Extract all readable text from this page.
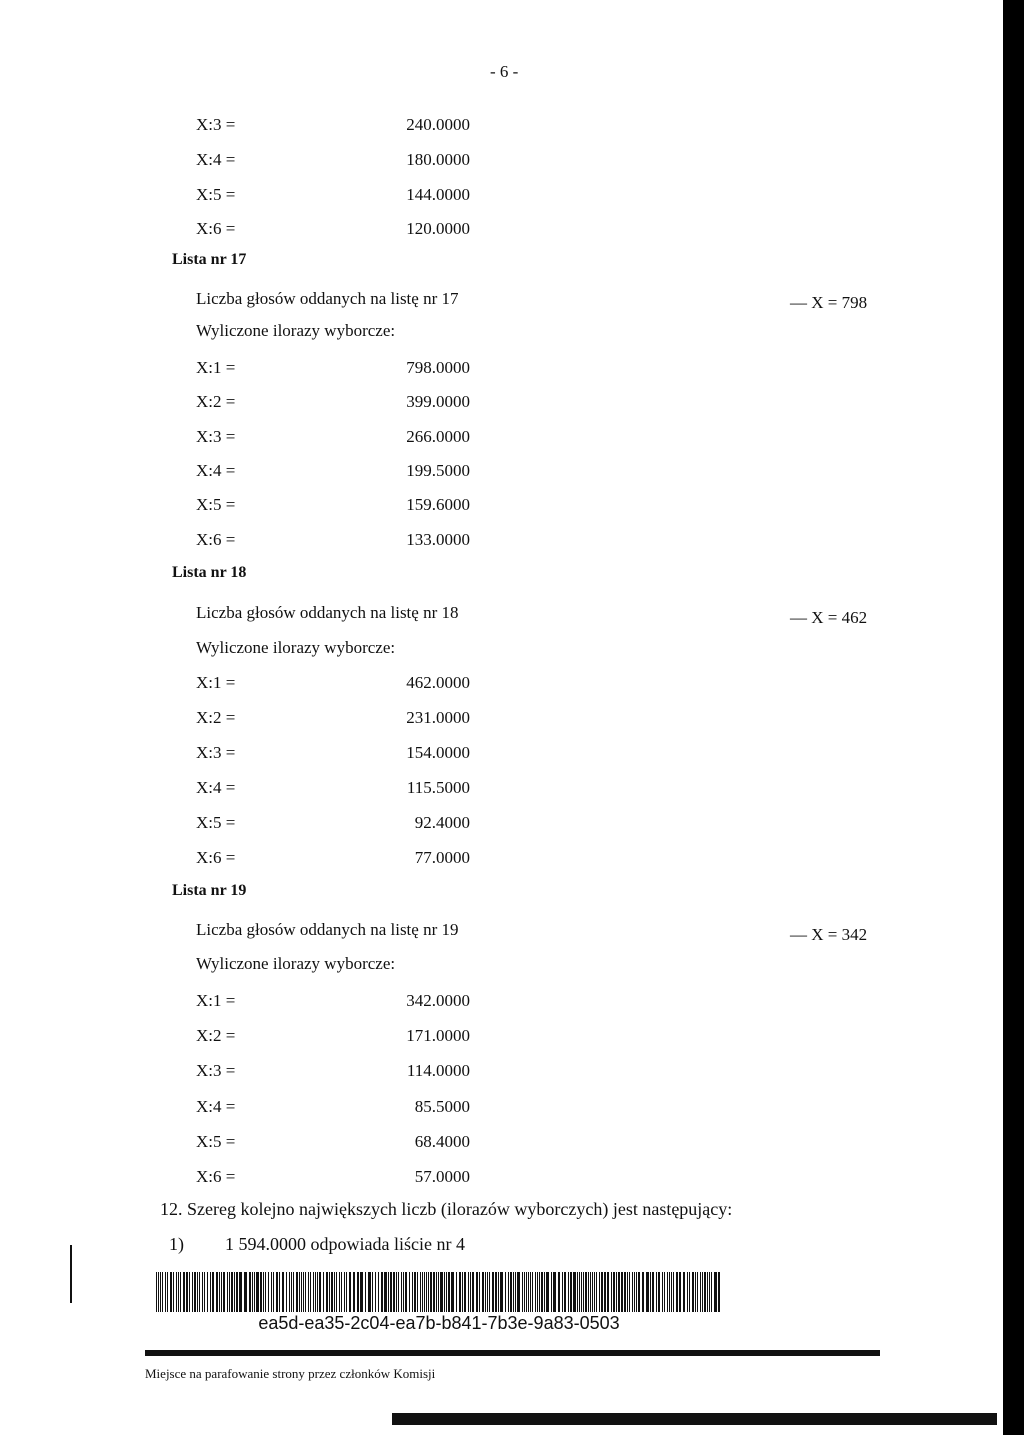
- 6 -
X:3 =	240.0000
X:4 =	180.0000
X:5 =	144.0000
X:6 =	120.0000
Lista nr 17
Liczba głosów oddanych na listę nr 17	— X = 798
Wyliczone ilorazy wyborcze:
X:1 =	798.0000
X:2 =	399.0000
X:3 =	266.0000
X:4 =	199.5000
X:5 =	159.6000
X:6 =	133.0000
Lista nr 18
Liczba głosów oddanych na listę nr 18	— X = 462
Wyliczone ilorazy wyborcze:
X:1 =	462.0000
X:2 =	231.0000
X:3 =	154.0000
X:4 =	115.5000
X:5 =	92.4000
X:6 =	77.0000
Lista nr 19
Liczba głosów oddanych na listę nr 19	— X = 342
Wyliczone ilorazy wyborcze:
X:1 =	342.0000
X:2 =	171.0000
X:3 =	114.0000
X:4 =	85.5000
X:5 =	68.4000
X:6 =	57.0000
12. Szereg kolejno największych liczb (ilorazów wyborczych) jest następujący:
1) 1 594.0000 odpowiada liście nr 4
ea5d-ea35-2c04-ea7b-b841-7b3e-9a83-0503
Miejsce na parafowanie strony przez członków Komisji
